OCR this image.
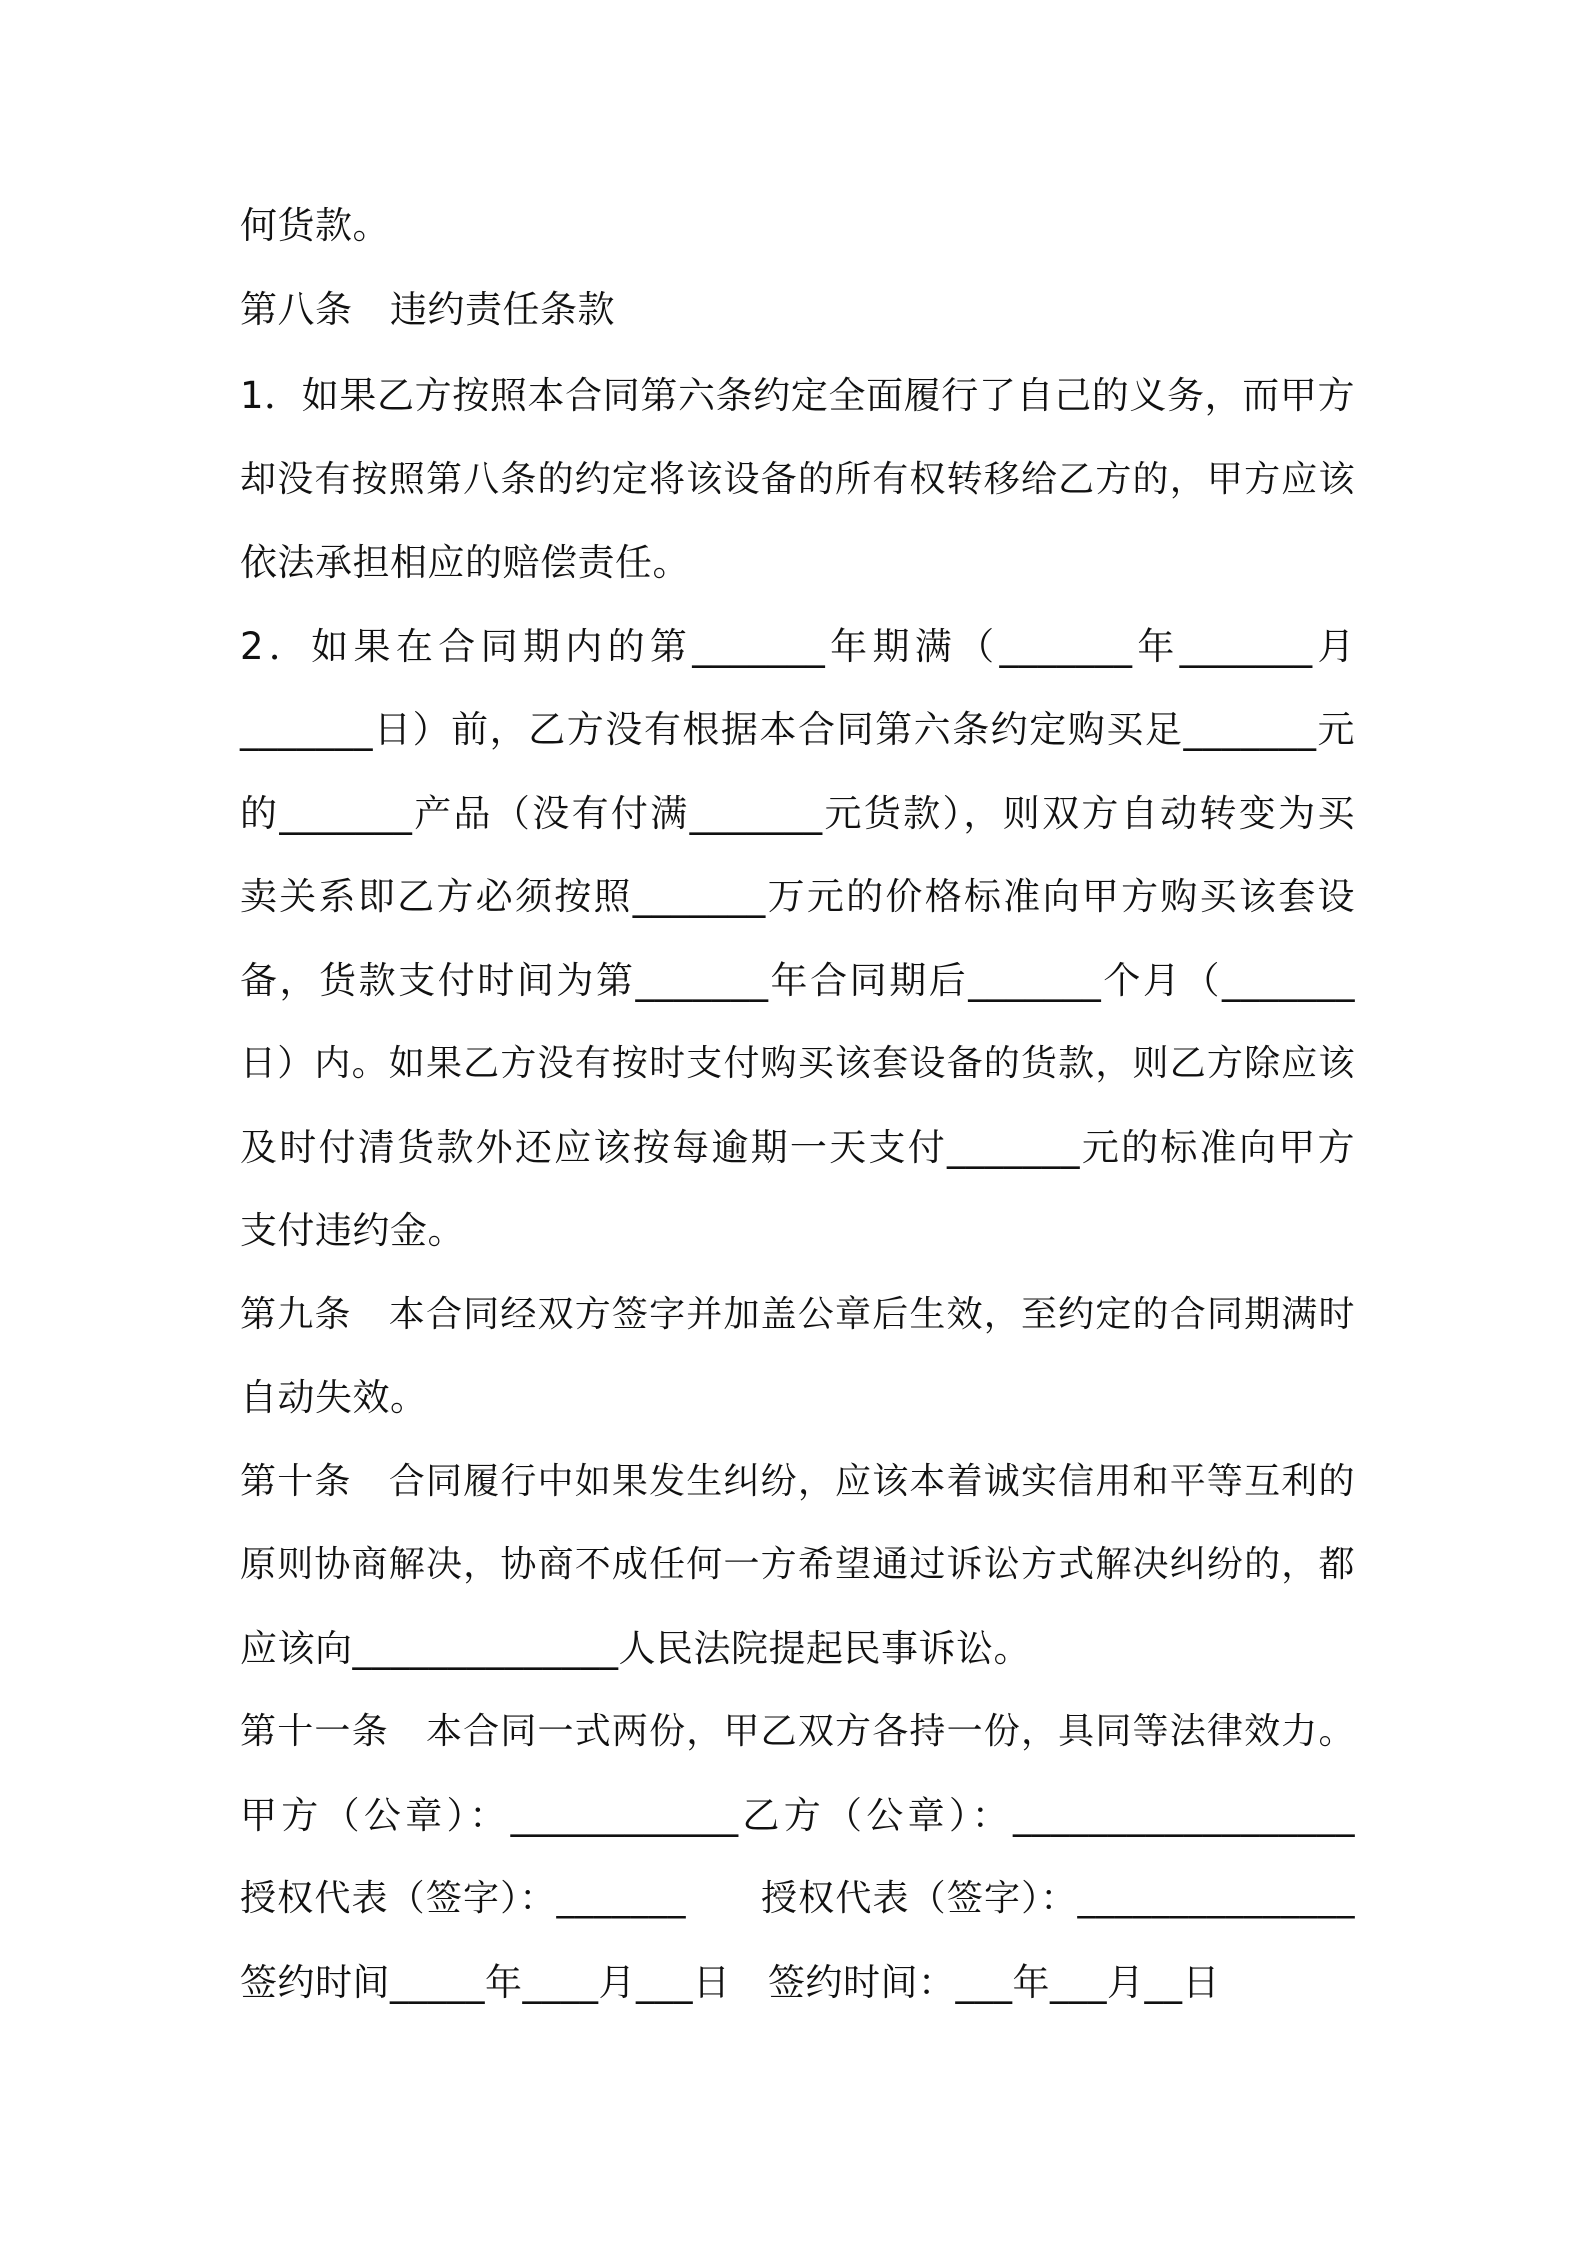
何货款。
第八条　违约责任条款
1．如果乙方按照本合同第六条约定全面履行了自己的义务，而甲方
却没有按照第八条的约定将该设备的所有权转移给乙方的，甲方应该
依法承担相应的赔偿责任。
2．如果在合同期内的第_______年期满（_______年_______月
_______日）前，乙方没有根据本合同第六条约定购买足_______元
的_______产品（没有付满_______元货款），则双方自动转变为买
卖关系即乙方必须按照_______万元的价格标准向甲方购买该套设
备，货款支付时间为第_______年合同期后_______个月（_______
日）内。如果乙方没有按时支付购买该套设备的货款，则乙方除应该
及时付清货款外还应该按每逾期一天支付_______元的标准向甲方
支付违约金。
第九条　本合同经双方签字并加盖公章后生效，至约定的合同期满时
自动失效。
第十条　合同履行中如果发生纠纷，应该本着诚实信用和平等互利的
原则协商解决，协商不成任何一方希望通过诉讼方式解决纠纷的，都
应该向______________人民法院提起民事诉讼。
第十一条　本合同一式两份，甲乙双方各持一份，具同等法律效力。
甲方（公章）：____________乙方（公章）：__________________
授权代表（签字）：_______　　授权代表（签字）：_______________
签约时间_____年____月___日　签约时间：___年___月__日
